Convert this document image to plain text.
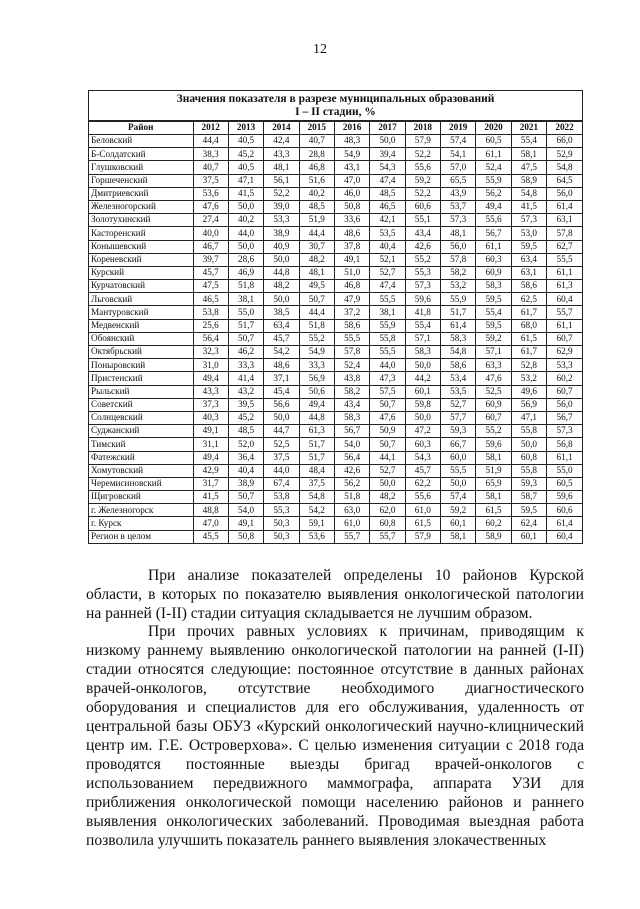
12
Значения показателя в разрезе муниципальных образований
I – II стадии, %
Район	2012	2013	2014	2015	2016	2017	2018	2019	2020	2021	2022
Беловский	44,4	40,5	42,4	40,7	48,3	50,0	57,9	57,4	60,5	55,4	66,0
Б-Солдатский	38,3	45,2	43,3	28,8	54,9	39,4	52,2	54,1	61,1	58,1	52,9
Глушковский	40,7	40,5	48,1	46,8	43,1	54,3	55,6	57,0	52,4	47,5	54,8
Горшеченский	37,5	47,1	56,1	51,6	47,0	47,4	59,2	65,5	55,9	58,9	64,5
Дмитриевский	53,6	41,5	52,2	40,2	46,0	48,5	52,2	43,9	56,2	54,8	56,0
Железногорский	47,6	50,0	39,0	48,5	50,8	46,5	60,6	53,7	49,4	41,5	61,4
Золотухинский	27,4	40,2	53,3	51,9	33,6	42,1	55,1	57,3	55,6	57,3	63,1
Касторенский	40,0	44,0	38,9	44,4	48,6	53,5	43,4	48,1	56,7	53,0	57,8
Конышевский	46,7	50,0	40,9	30,7	37,8	40,4	42,6	56,0	61,1	59,5	62,7
Кореневский	39,7	28,6	50,0	48,2	49,1	52,1	55,2	57,8	60,3	63,4	55,5
Курский	45,7	46,9	44,8	48,1	51,0	52,7	55,3	58,2	60,9	63,1	61,1
Курчатовский	47,5	51,8	48,2	49,5	46,8	47,4	57,3	53,2	58,3	58,6	61,3
Льговский	46,5	38,1	50,0	50,7	47,9	55,5	59,6	55,9	59,5	62,5	60,4
Мантуровский	53,8	55,0	38,5	44,4	37,2	38,1	41,8	51,7	55,4	61,7	55,7
Медвенский	25,6	51,7	63,4	51,8	58,6	55,9	55,4	61,4	59,5	68,0	61,1
Обоянский	56,4	50,7	45,7	55,2	55,5	55,8	57,1	58,3	59,2	61,5	60,7
Октябрьский	32,3	46,2	54,2	54,9	57,8	55,5	58,3	54,8	57,1	61,7	62,9
Поныровский	31,0	33,3	48,6	33,3	52,4	44,0	50,0	58,6	63,3	52,8	53,3
Пристенский	49,4	41,4	37,1	56,9	43,8	47,3	44,2	53,4	47,6	53,2	60,2
Рыльский	43,3	43,2	45,4	50,6	58,2	57,5	60,1	53,5	52,5	49,6	60,7
Советский	37,3	39,5	56,6	49,4	43,4	50,7	59,8	52,7	60,9	56,9	56,0
Солнцевский	40,3	45,2	50,0	44,8	58,3	47,6	50,0	57,7	60,7	47,1	56,7
Суджанский	49,1	48,5	44,7	61,3	56,7	50,9	47,2	59,3	55,2	55,8	57,3
Тимский	31,1	52,0	52,5	51,7	54,0	50,7	60,3	66,7	59,6	50,0	56,8
Фатежский	49,4	36,4	37,5	51,7	56,4	44,1	54,3	60,0	58,1	60,8	61,1
Хомутовский	42,9	40,4	44,0	48,4	42,6	52,7	45,7	55,5	51,9	55,8	55,0
Черемисиновский	31,7	38,9	67,4	37,5	56,2	50,0	62,2	50,0	65,9	59,3	60,5
Щигровский	41,5	50,7	53,8	54,8	51,8	48,2	55,6	57,4	58,1	58,7	59,6
г. Железногорск	48,8	54,0	55,3	54,2	63,0	62,0	61,0	59,2	61,5	59,5	60,6
г. Курск	47,0	49,1	50,3	59,1	61,0	60,8	61,5	60,1	60,2	62,4	61,4
Регион в целом	45,5	50,8	50,3	53,6	55,7	55,7	57,9	58,1	58,9	60,1	60,4
При анализе показателей определены 10 районов Курской области, в которых по показателю выявления онкологической патологии на ранней (I-II) стадии ситуация складывается не лучшим образом.
При прочих равных условиях к причинам, приводящим к низкому раннему выявлению онкологической патологии на ранней (I-II) стадии относятся следующие: постоянное отсутствие в данных районах врачей-онкологов, отсутствие необходимого диагностического оборудования и специалистов для его обслуживания, удаленность от центральной базы ОБУЗ «Курский онкологический научно-клицнический центр им. Г.Е. Островерхова». С целью изменения ситуации с 2018 года проводятся постоянные выезды бригад врачей-онкологов с использованием передвижного маммографа, аппарата УЗИ для приближения онкологической помощи населению районов и раннего выявления онкологических заболеваний. Проводимая выездная работа позволила улучшить показатель раннего выявления злокачественных
